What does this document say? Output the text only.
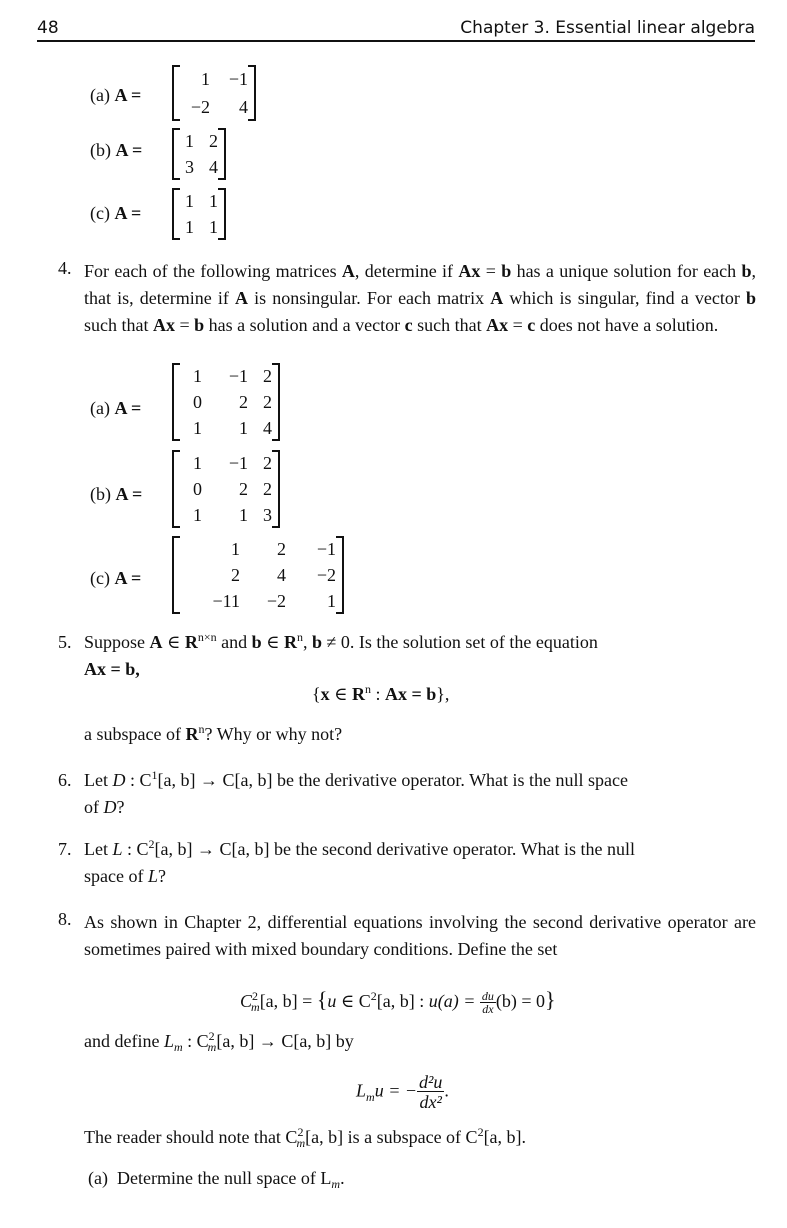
48	Chapter 3. Essential linear algebra
(a) A =
1	−1
−2	4
(b) A = 1 2
3 4
(c) A =
1 1
1 1
4. For each of the following matrices A, determine if Ax = b has a unique solution for each b, that is, determine if A is nonsingular. For each matrix A which is singular, find a vector b such that Ax = b has a solution and a vector c such that Ax = c does not have a solution.
(a) A =
1	−1 2
0	2 2
1	1 4
(b) A =
1	−1 2
0	2 2
1	1 3
(c) A =
1	2	−1
2	4	−2
−11	−2	1
5. Suppose A ∈ $R^{n\times n}$ and b ∈ $R^n$, b ≠ 0. Is the solution set of the equation
Ax = b,
{x ∈ $R^n$ : Ax = b},
a subspace of $R^n$? Why or why not?
6. Let D : $C^1[a$, b] → C[a, b] be the derivative operator. What is the null space
of D?
7. Let L : $C^2[a$, b] → C[a, b] be the second derivative operator. What is the null
space of L?
8. As shown in Chapter 2, differential equations involving the second derivative operator are sometimes paired with mixed boundary conditions. Define the set
$C^2_m[a$, b] = {u ∈ $C^2[a$, b] : $u(a) = \frac{du}{dx} (b) = 0$}
and define $L_m$ : $C^2_m[a$, b] → C[a, b] by
$L_mu$ = − $\frac{\text{d²u}}{\text{dx²}}$ .
The reader should note that $C^2_m[a$, b] is a subspace of $C^2[a$, b].
(a) Determine the null space of $L_m$.
